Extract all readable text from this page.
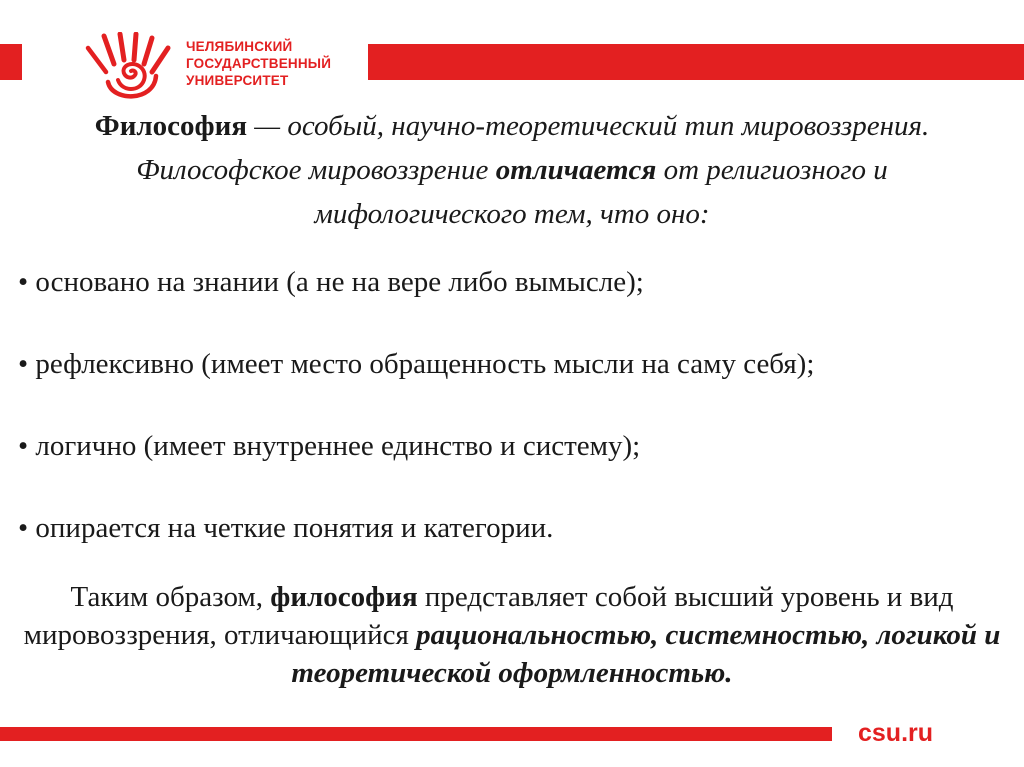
ЧЕЛЯБИНСКИЙ
ГОСУДАРСТВЕННЫЙ
УНИВЕРСИТЕТ

Философия — особый, научно-теоретический тип мировоззрения. Философское мировоззрение отличается от религиозного и мифологического тем, что оно:

• основано на знании (а не на вере либо вымысле);
• рефлексивно (имеет место обращенность мысли на саму себя);
• логично (имеет внутреннее единство и систему);
• опирается на четкие понятия и категории.

Таким образом, философия представляет собой высший уровень и вид мировоззрения, отличающийся рациональностью, системностью, логикой и теоретической оформленностью.

csu.ru
